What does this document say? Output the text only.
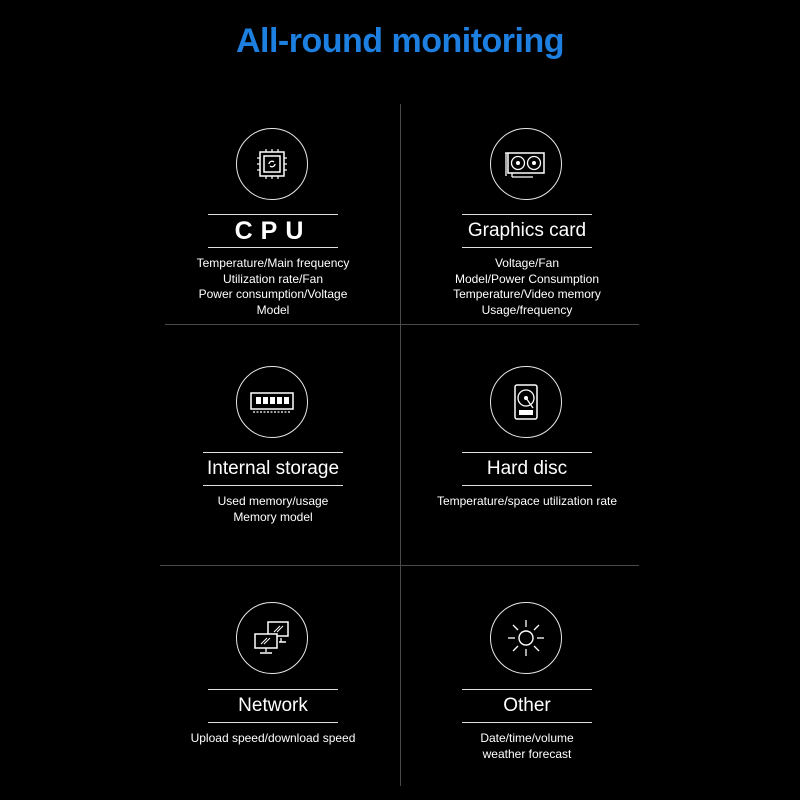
All-round monitoring
CPU
Temperature/Main frequency
Utilization rate/Fan
Power consumption/Voltage
Model
Graphics card
Voltage/Fan
Model/Power Consumption
Temperature/Video memory
Usage/frequency
Internal storage
Used memory/usage
Memory model
Hard disc
Temperature/space utilization rate
Network
Upload speed/download speed
Other
Date/time/volume
weather forecast
